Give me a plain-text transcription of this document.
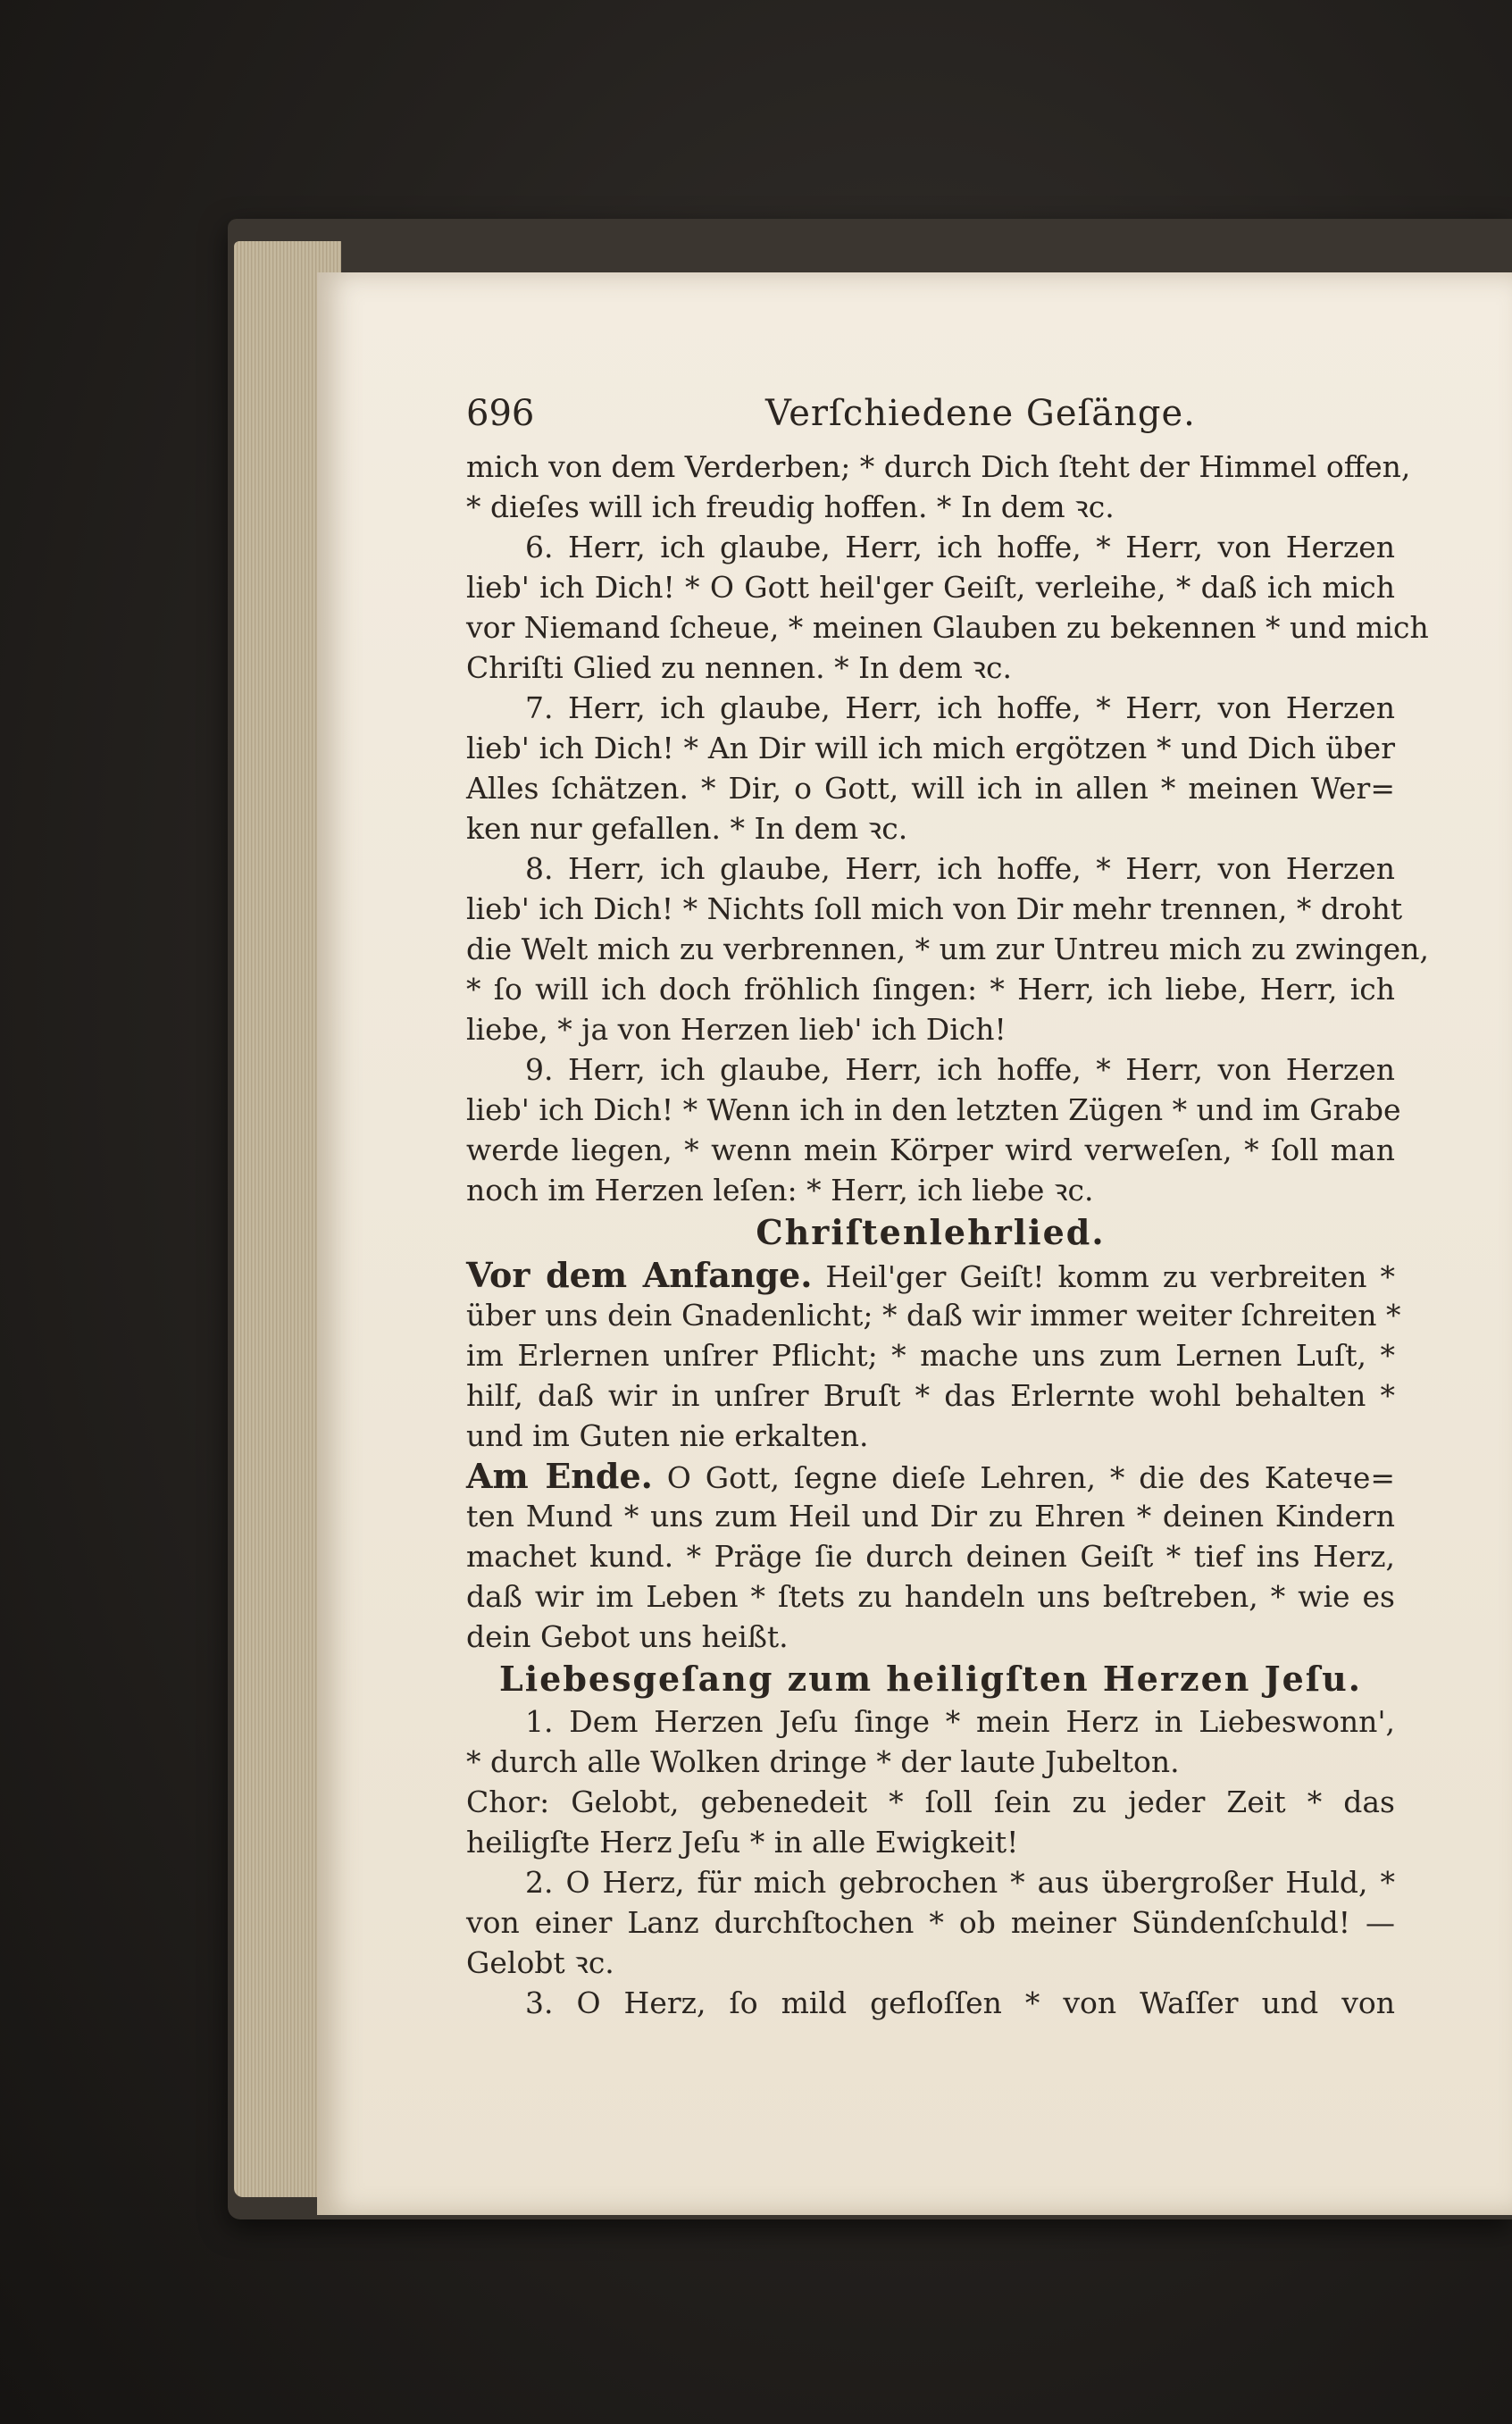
696	Verſchiedene Geſänge.
mich von dem Verderben; * durch Dich ſteht der Himmel offen,
* dieſes will ich freudig hoffen. * In dem ꝛc.
6. Herr, ich glaube, Herr, ich hoffe, * Herr, von Herzen
lieb' ich Dich! * O Gott heil'ger Geiſt, verleihe, * daß ich mich
vor Niemand ſcheue, * meinen Glauben zu bekennen * und mich
Chriſti Glied zu nennen. * In dem ꝛc.
7. Herr, ich glaube, Herr, ich hoffe, * Herr, von Herzen
lieb' ich Dich! * An Dir will ich mich ergötzen * und Dich über
Alles ſchätzen. * Dir, o Gott, will ich in allen * meinen Wer=
ken nur gefallen. * In dem ꝛc.
8. Herr, ich glaube, Herr, ich hoffe, * Herr, von Herzen
lieb' ich Dich! * Nichts ſoll mich von Dir mehr trennen, * droht
die Welt mich zu verbrennen, * um zur Untreu mich zu zwingen,
* ſo will ich doch fröhlich ſingen: * Herr, ich liebe, Herr, ich
liebe, * ja von Herzen lieb' ich Dich!
9. Herr, ich glaube, Herr, ich hoffe, * Herr, von Herzen
lieb' ich Dich! * Wenn ich in den letzten Zügen * und im Grabe
werde liegen, * wenn mein Körper wird verweſen, * ſoll man
noch im Herzen leſen: * Herr, ich liebe ꝛc.
Chriſtenlehrlied.
Vor dem Anfange. Heil'ger Geiſt! komm zu verbreiten *
über uns dein Gnadenlicht; * daß wir immer weiter ſchreiten *
im Erlernen unſrer Pflicht; * mache uns zum Lernen Luſt, *
hilf, daß wir in unſrer Bruſt * das Erlernte wohl behalten *
und im Guten nie erkalten.
Am Ende. O Gott, ſegne dieſe Lehren, * die des Katече=
ten Mund * uns zum Heil und Dir zu Ehren * deinen Kindern
machet kund. * Präge ſie durch deinen Geiſt * tief ins Herz,
daß wir im Leben * ſtets zu handeln uns beſtreben, * wie es
dein Gebot uns heißt.
Liebesgeſang zum heiligſten Herzen Jeſu.
1. Dem Herzen Jeſu ſinge * mein Herz in Liebeswonn',
* durch alle Wolken dringe * der laute Jubelton.
Chor: Gelobt, gebenedeit * ſoll ſein zu jeder Zeit * das
heiligſte Herz Jeſu * in alle Ewigkeit!
2. O Herz, für mich gebrochen * aus übergroßer Huld, *
von einer Lanz durchſtochen * ob meiner Sündenſchuld! —
Gelobt ꝛc.
3. O Herz, ſo mild gefloſſen * von Waſſer und von
